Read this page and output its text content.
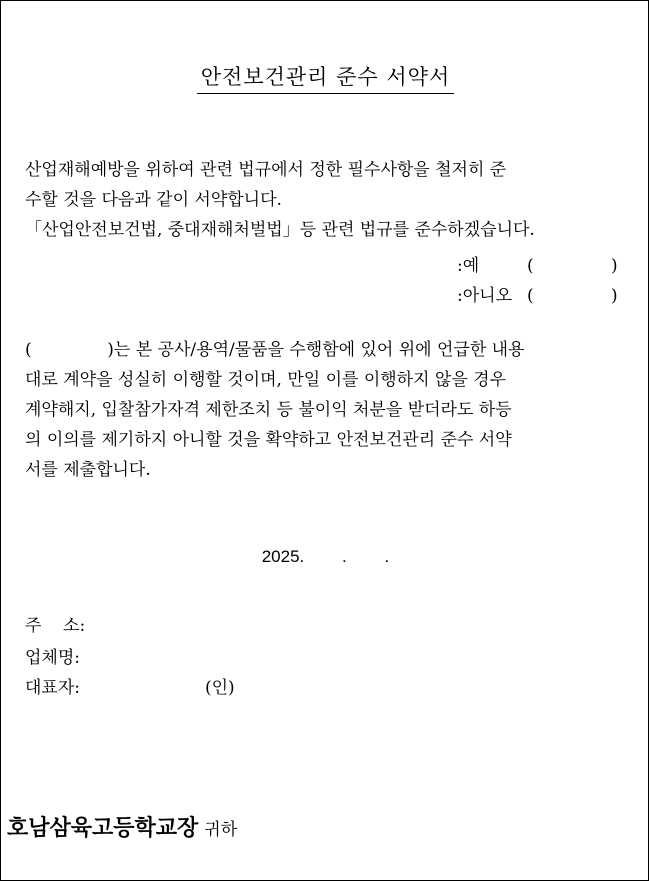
안전보건관리 준수 서약서
산업재해예방을 위하여 관련 법규에서 정한 필수사항을 철저히 준
수할 것을 다음과 같이 서약합니다.
「산업안전보건법, 중대재해처벌법」등 관련 법규를 준수하겠습니다.
:예	(	)
:아니오 (	)
(              )는 본 공사/용역/물품을 수행함에 있어 위에 언급한 내용
대로 계약을 성실히 이행할 것이며, 만일 이를 이행하지 않을 경우
계약해지, 입찰참가자격 제한조치 등 불이익 처분을 받더라도 하등
의 이의를 제기하지 아니할 것을 확약하고 안전보건관리 준수 서약
서를 제출합니다.
2025.        .        .
주    소:
업체명:
대표자:	(인)
호남삼육고등학교장 귀하
